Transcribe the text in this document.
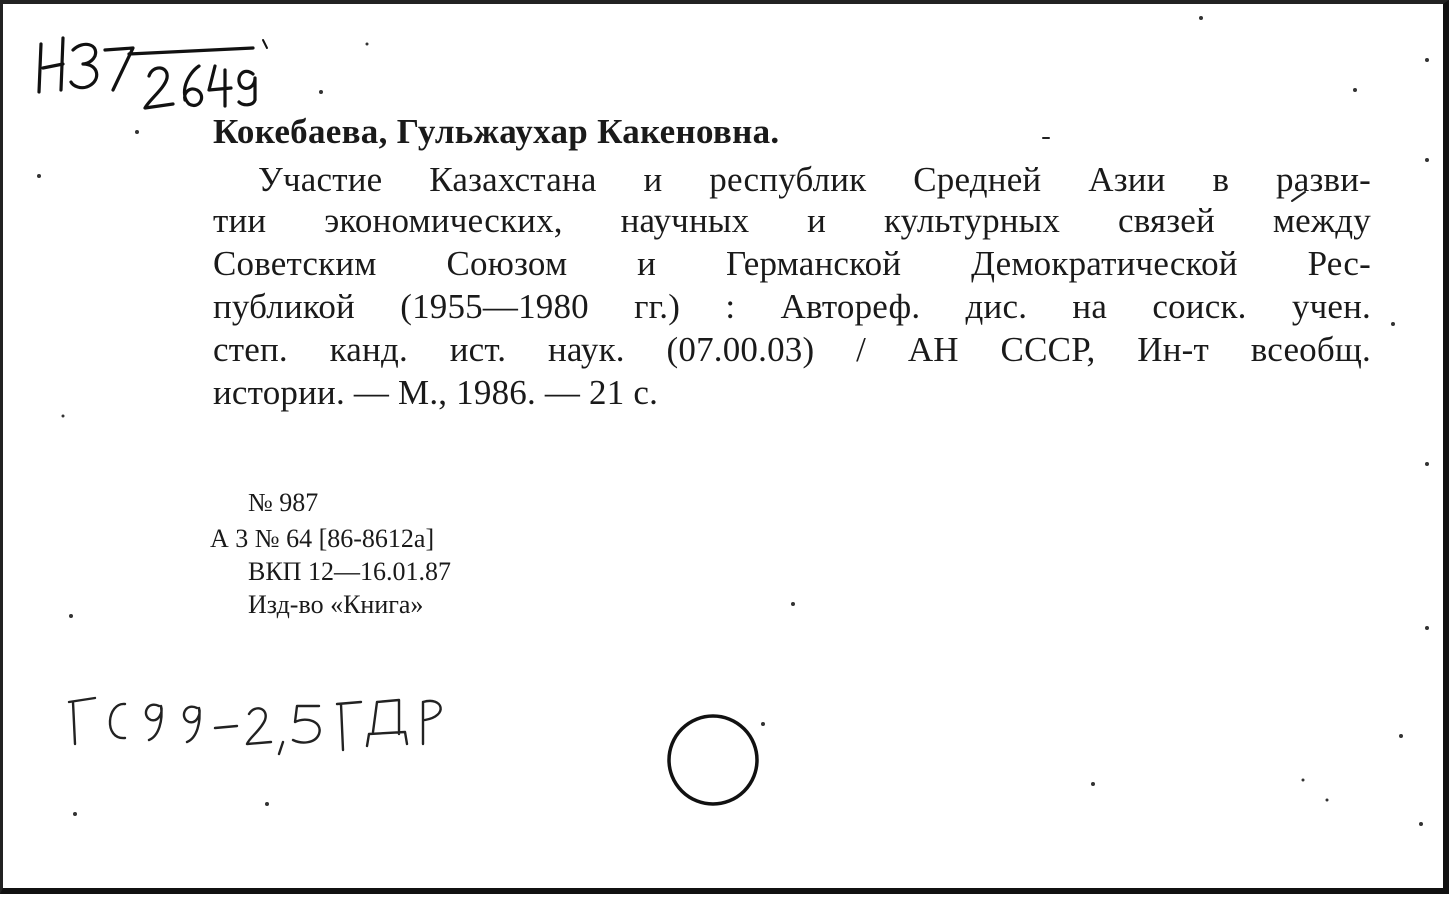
Кокебаева, Гульжаухар Какеновна.

Участие Казахстана и республик Средней Азии в разви-

тии экономических, научных и культурных связей между

Советским Союзом и Германской Демократической Рес-

публикой (1955—1980 гг.) : Автореф. дис. на соиск. учен.

степ. канд. ист. наук. (07.00.03) / АН СССР, Ин-т всеобщ.

истории. — М., 1986. — 21 с.

№ 987

А 3 № 64 [86-8612а]

ВКП 12—16.01.87

Изд-во «Книга»
